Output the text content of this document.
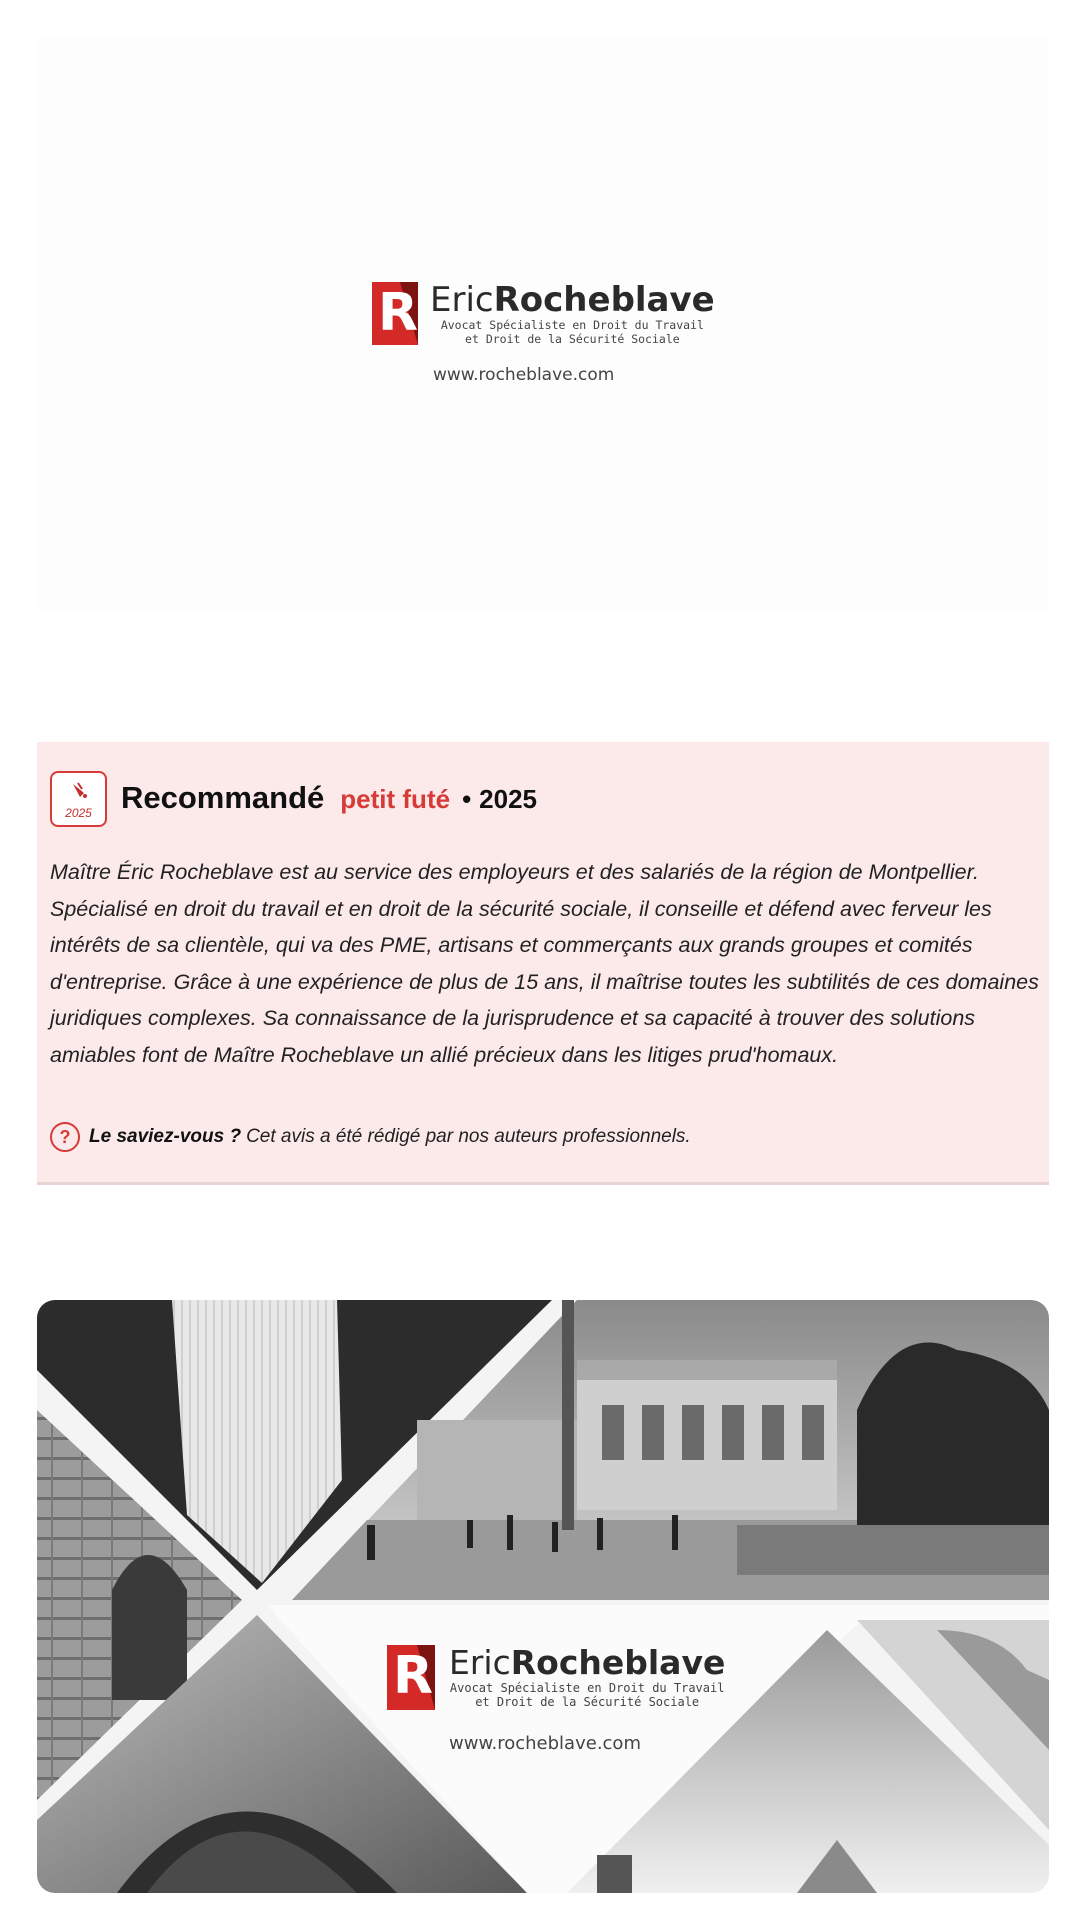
R EricRocheblave
Avocat Spécialiste en Droit du Travail
et Droit de la Sécurité Sociale
www.rocheblave.com
2025 Recommandé petit futé • 2025

Maître Éric Rocheblave est au service des employeurs et des salariés de la région de Montpellier. Spécialisé en droit du travail et en droit de la sécurité sociale, il conseille et défend avec ferveur les intérêts de sa clientèle, qui va des PME, artisans et commerçants aux grands groupes et comités d'entreprise. Grâce à une expérience de plus de 15 ans, il maîtrise toutes les subtilités de ces domaines juridiques complexes. Sa connaissance de la jurisprudence et sa capacité à trouver des solutions amiables font de Maître Rocheblave un allié précieux dans les litiges prud'homaux.

? Le saviez-vous ? Cet avis a été rédigé par nos auteurs professionnels.
R EricRocheblave
Avocat Spécialiste en Droit du Travail
et Droit de la Sécurité Sociale
www.rocheblave.com
